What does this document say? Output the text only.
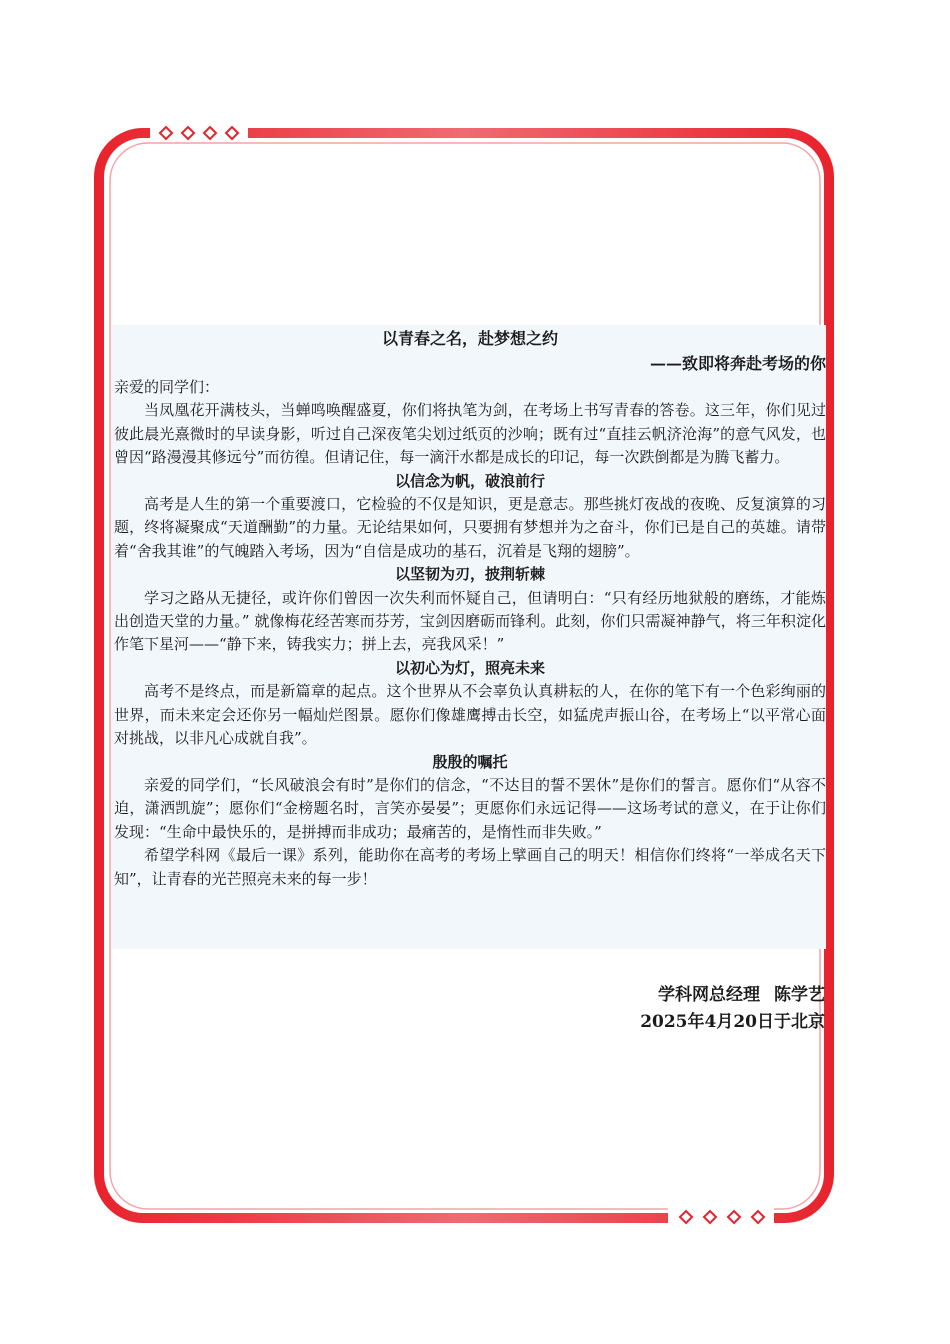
以青春之名，赴梦想之约
——致即将奔赴考场的你

亲爱的同学们：

当凤凰花开满枝头，当蝉鸣唤醒盛夏，你们将执笔为剑，在考场上书写青春的答卷。这三年，你们见过彼此晨光熹微时的早读身影，听过自己深夜笔尖划过纸页的沙响；既有过“直挂云帆济沧海”的意气风发，也曾因“路漫漫其修远兮”而彷徨。但请记住，每一滴汗水都是成长的印记，每一次跌倒都是为腾飞蓄力。

以信念为帆，破浪前行

高考是人生的第一个重要渡口，它检验的不仅是知识，更是意志。那些挑灯夜战的夜晚、反复演算的习题，终将凝聚成“天道酬勤”的力量。无论结果如何，只要拥有梦想并为之奋斗，你们已是自己的英雄。请带着“舍我其谁”的气魄踏入考场，因为“自信是成功的基石，沉着是飞翔的翅膀”。

以坚韧为刃，披荆斩棘

学习之路从无捷径，或许你们曾因一次失利而怀疑自己，但请明白：“只有经历地狱般的磨练，才能炼出创造天堂的力量。” 就像梅花经苦寒而芬芳，宝剑因磨砺而锋利。此刻，你们只需凝神静气，将三年积淀化作笔下星河——“静下来，铸我实力；拼上去，亮我风采！”

以初心为灯，照亮未来

高考不是终点，而是新篇章的起点。这个世界从不会辜负认真耕耘的人，在你的笔下有一个色彩绚丽的世界，而未来定会还你另一幅灿烂图景。愿你们像雄鹰搏击长空，如猛虎声振山谷，在考场上“以平常心面对挑战，以非凡心成就自我”。

殷殷的嘱托

亲爱的同学们，“长风破浪会有时”是你们的信念，“不达目的誓不罢休”是你们的誓言。愿你们“从容不迫，潇洒凯旋”；愿你们“金榜题名时，言笑亦晏晏”；更愿你们永远记得——这场考试的意义，在于让你们发现：“生命中最快乐的，是拼搏而非成功；最痛苦的，是惰性而非失败。”

希望学科网《最后一课》系列，能助你在高考的考场上擘画自己的明天！相信你们终将“一举成名天下知”，让青春的光芒照亮未来的每一步！

学科网总经理 陈学艺
2025年4月20日于北京
